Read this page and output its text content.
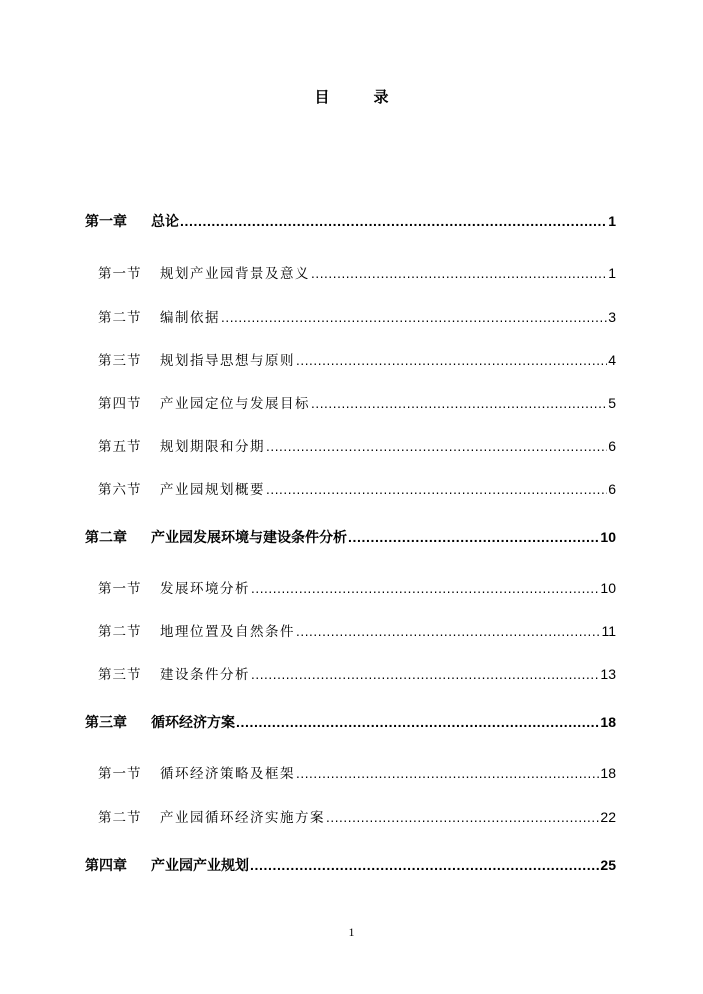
目录
第一章 总论 .....	1
第一节 规划产业园背景及意义 .....	1
第二节 编制依据 .....	3
第三节 规划指导思想与原则 .....	4
第四节 产业园定位与发展目标 .....	5
第五节 规划期限和分期 .....	6
第六节 产业园规划概要 .....	6
第二章 产业园发展环境与建设条件分析 .....	10
第一节 发展环境分析 .....	10
第二节 地理位置及自然条件 .....	11
第三节 建设条件分析 .....	13
第三章 循环经济方案 .....	18
第一节 循环经济策略及框架 .....	18
第二节 产业园循环经济实施方案 .....	22
第四章 产业园产业规划 .....	25
1
